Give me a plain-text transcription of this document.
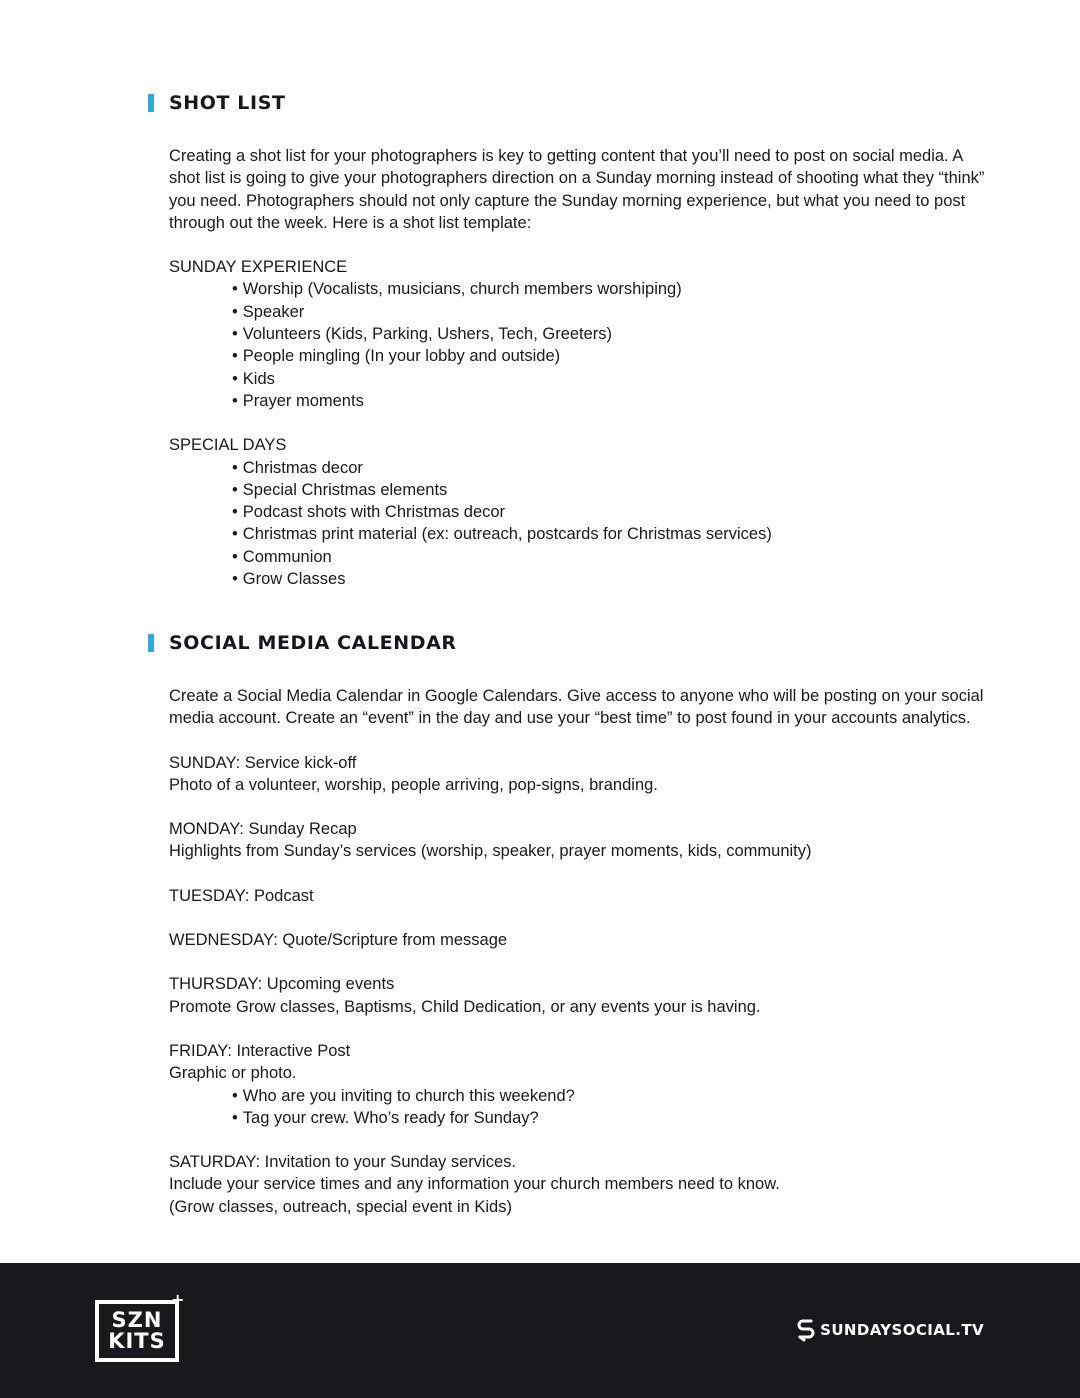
SHOT LIST

Creating a shot list for your photographers is key to getting content that you’ll need to post on social media. A shot list is going to give your photographers direction on a Sunday morning instead of shooting what they “think” you need. Photographers should not only capture the Sunday morning experience, but what you need to post through out the week. Here is a shot list template:

SUNDAY EXPERIENCE
• Worship (Vocalists, musicians, church members worshiping)
• Speaker
• Volunteers (Kids, Parking, Ushers, Tech, Greeters)
• People mingling (In your lobby and outside)
• Kids
• Prayer moments
SPECIAL DAYS
• Christmas decor
• Special Christmas elements
• Podcast shots with Christmas decor
• Christmas print material (ex: outreach, postcards for Christmas services)
• Communion
• Grow Classes
SOCIAL MEDIA CALENDAR

Create a Social Media Calendar in Google Calendars. Give access to anyone who will be posting on your social media account. Create an “event” in the day and use your “best time” to post found in your accounts analytics.

SUNDAY: Service kick-off
Photo of a volunteer, worship, people arriving, pop-signs, branding.
MONDAY: Sunday Recap
Highlights from Sunday’s services (worship, speaker, prayer moments, kids, community)
TUESDAY: Podcast
WEDNESDAY: Quote/Scripture from message
THURSDAY: Upcoming events
Promote Grow classes, Baptisms, Child Dedication, or any events your is having.
FRIDAY: Interactive Post
Graphic or photo.
• Who are you inviting to church this weekend?
• Tag your crew. Who’s ready for Sunday?
SATURDAY: Invitation to your Sunday services.
Include your service times and any information your church members need to know.
(Grow classes, outreach, special event in Kids)
SZN
KITS
+
SUNDAYSOCIAL.TV
